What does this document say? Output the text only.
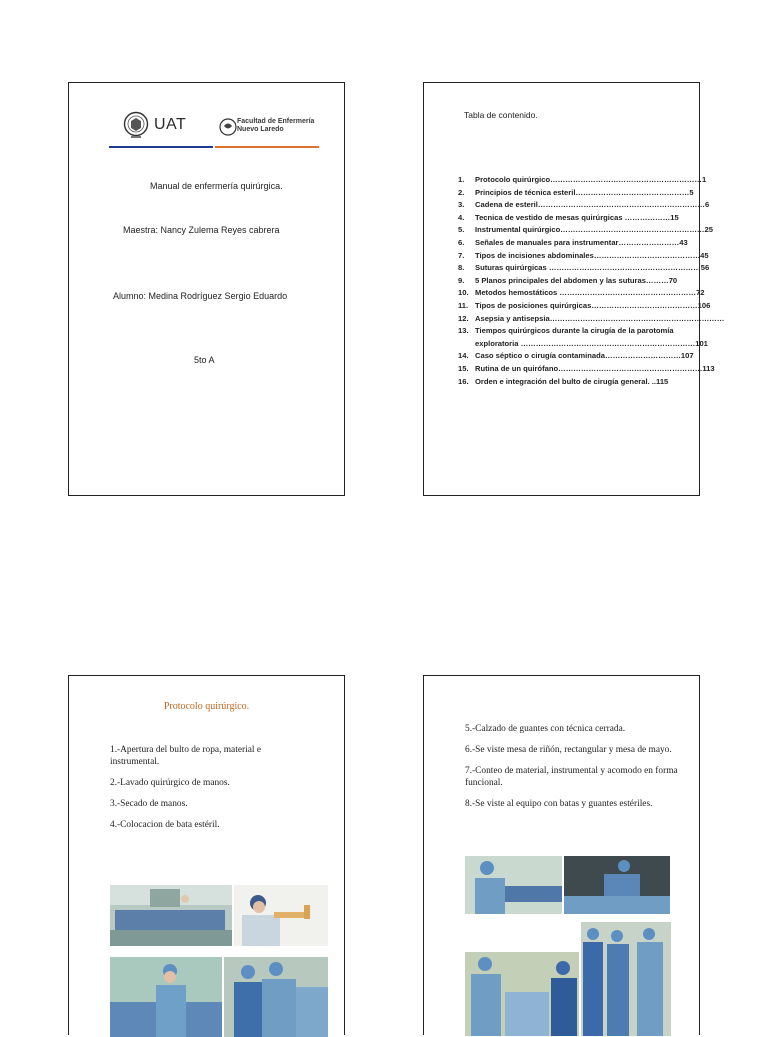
UAT	Facultad de Enfermería
Nuevo Laredo
Manual de enfermería quirúrgica.
Maestra: Nancy Zulema Reyes cabrera
Alumno: Medina Rodríguez Sergio Eduardo
5to A
Tabla de contenido.
1.	Protocolo quirúrgico……………………………………………………1
2.	Principios de técnica esteril………………………………………5
3.	Cadena de esteril…………………………………………………………6
4.	Tecnica de vestido de mesas quirúrgicas ………………15
5.	Instrumental quirúrgico…………………………………………………25
6.	Señales de manuales para instrumentar……………………43
7.	Tipos de incisiones abdominales……………………………………45
8.	Suturas quirúrgicas ……………………………………………………56
9.	5 Planos principales del abdomen y las suturas………70
10. Metodos hemostáticos ………………………………………………72
11. Tipos de posiciones quirúrgicas……………………………………106
12. Asepsia y antisepsia……………………………………………………………
13. Tiempos quirúrgicos durante la cirugía de la parotomía
exploratoria ……………………………………………………………101
14. Caso séptico o cirugía contaminada…………………………107
15. Rutina de un quirófano…………………………………………………113
16. Orden e integración del bulto de cirugía general. ..115
Protocolo quirúrgico.

1.-Apertura del bulto de ropa, material e instrumental.

2.-Lavado quirúrgico de manos.

3.-Secado de manos.

4.-Colocacion de bata estéril.

5.-Calzado de guantes con técnica cerrada.

6.-Se viste mesa de riñón, rectangular y mesa de mayo.

7.-Conteo de material, instrumental y acomodo en forma funcional.

8.-Se viste al equipo con batas y guantes estériles.
